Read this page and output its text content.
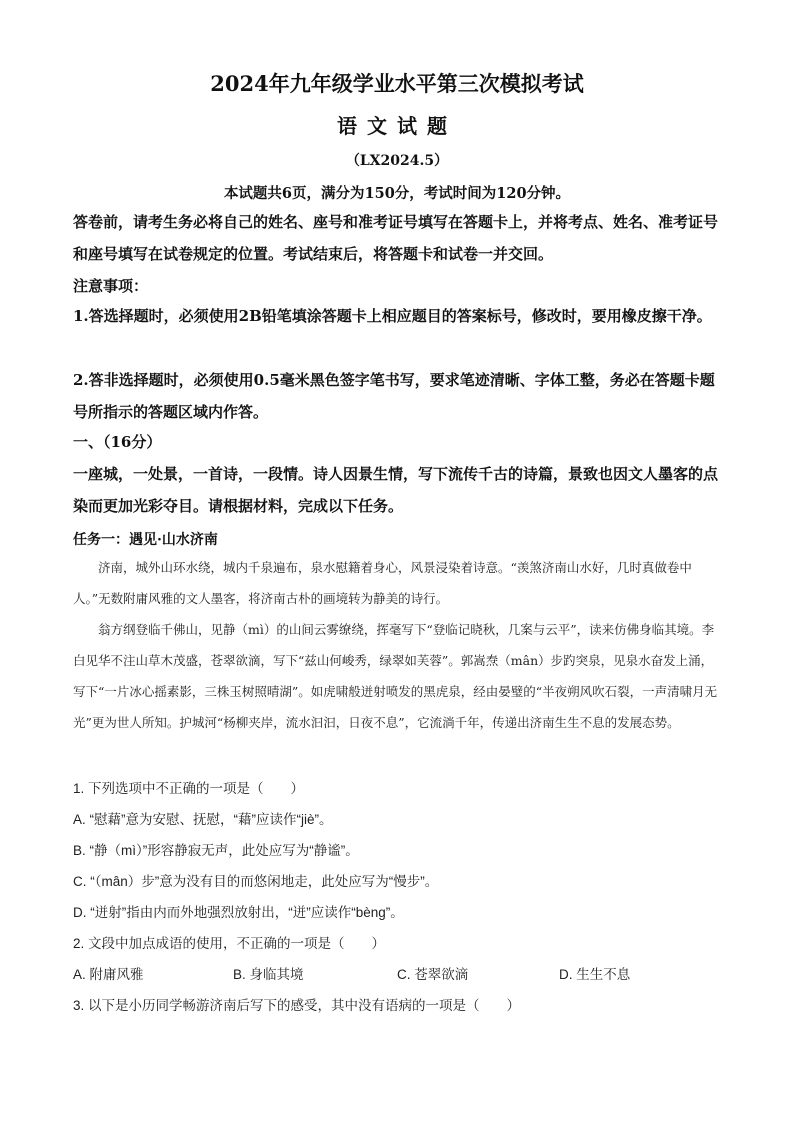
2024年九年级学业水平第三次模拟考试
语文试题
（LX2024.5）
本试题共6页，满分为150分，考试时间为120分钟。

答卷前，请考生务必将自己的姓名、座号和准考证号填写在答题卡上，并将考点、姓名、准考证号和座号填写在试卷规定的位置。考试结束后，将答题卡和试卷一并交回。

注意事项：

1.答选择题时，必须使用2B铅笔填涂答题卡上相应题目的答案标号，修改时，要用橡皮擦干净。

2.答非选择题时，必须使用0.5毫米黑色签字笔书写，要求笔迹清晰、字体工整，务必在答题卡题号所指示的答题区域内作答。

一、（16分）

一座城，一处景，一首诗，一段情。诗人因景生情，写下流传千古的诗篇，景致也因文人墨客的点染而更加光彩夺目。请根据材料，完成以下任务。

任务一：遇见·山水济南

济南，城外山环水绕，城内千泉遍布，泉水慰籍着身心，风景浸染着诗意。“羡煞济南山水好，几时真做卷中人。”无数附庸风雅的文人墨客，将济南古朴的画境转为静美的诗行。

翁方纲登临千佛山，见静（mì）的山间云雾缭绕，挥毫写下“登临记晓秋，几案与云平”，读来仿佛身临其境。李白见华不注山草木茂盛，苍翠欲滴，写下“兹山何峻秀，绿翠如芙蓉”。郭嵩焘（mân）步趵突泉，见泉水奋发上涌，写下“一片冰心摇素影，三株玉树照晴湖”。如虎啸般迸射喷发的黑虎泉，经由晏璧的“半夜朔风吹石裂，一声清啸月无光”更为世人所知。护城河“杨柳夹岸，流水汩汩，日夜不息”，它流淌千年，传递出济南生生不息的发展态势。

1. 下列选项中不正确的一项是（　　）

A. “慰藉”意为安慰、抚慰，“藉”应读作“jiè”。

B. “静（mì）”形容静寂无声，此处应写为“静谧”。

C. “（mân）步”意为没有目的而悠闲地走，此处应写为“慢步”。

D. “迸射”指由内而外地强烈放射出，“迸”应读作“bèng”。

2. 文段中加点成语的使用，不正确的一项是（　　）

A. 附庸风雅	B. 身临其境	C. 苍翠欲滴	D. 生生不息

3. 以下是小历同学畅游济南后写下的感受，其中没有语病的一项是（　　）
